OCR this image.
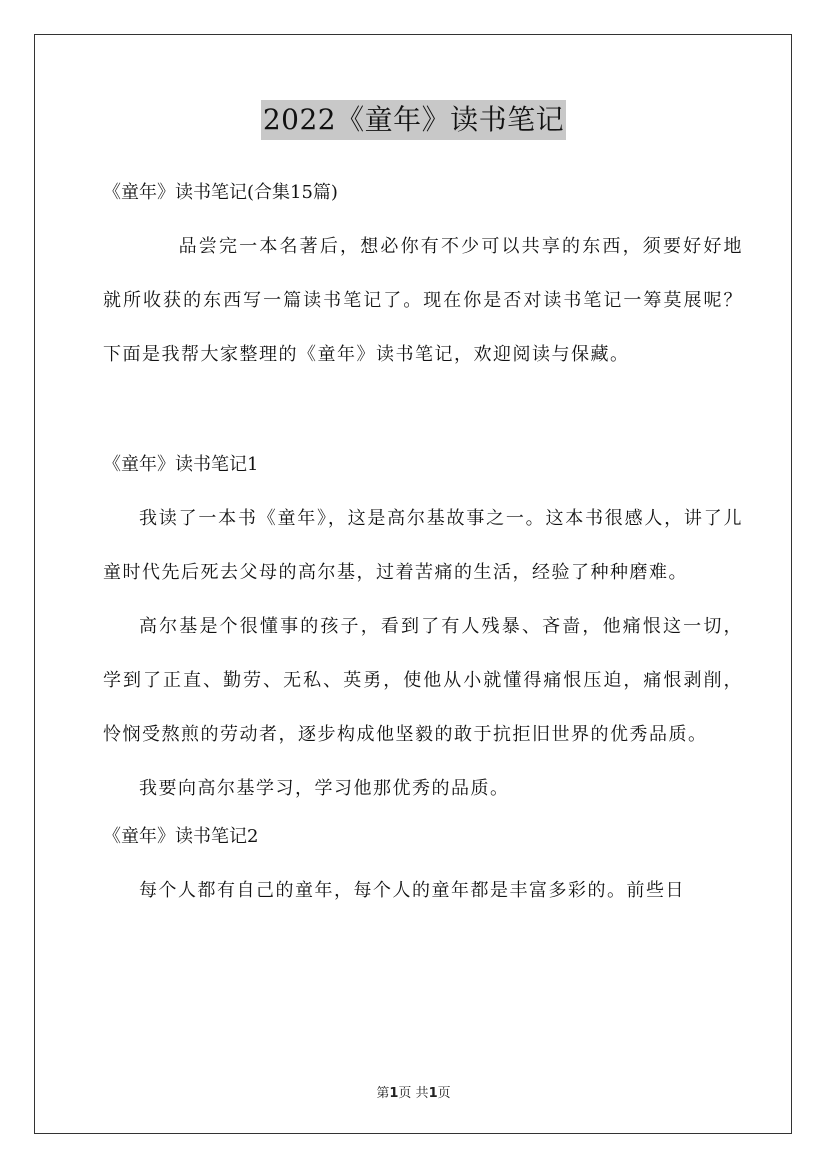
2022《童年》读书笔记

《童年》读书笔记(合集15篇)

品尝完一本名著后，想必你有不少可以共享的东西，须要好好地就所收获的东西写一篇读书笔记了。现在你是否对读书笔记一筹莫展呢？下面是我帮大家整理的《童年》读书笔记，欢迎阅读与保藏。

《童年》读书笔记1

我读了一本书《童年》，这是高尔基故事之一。这本书很感人，讲了儿童时代先后死去父母的高尔基，过着苦痛的生活，经验了种种磨难。

高尔基是个很懂事的孩子，看到了有人残暴、吝啬，他痛恨这一切，学到了正直、勤劳、无私、英勇，使他从小就懂得痛恨压迫，痛恨剥削，怜悯受熬煎的劳动者，逐步构成他坚毅的敢于抗拒旧世界的优秀品质。

我要向高尔基学习，学习他那优秀的品质。

《童年》读书笔记2

每个人都有自己的童年，每个人的童年都是丰富多彩的。前些日

第1页 共1页
